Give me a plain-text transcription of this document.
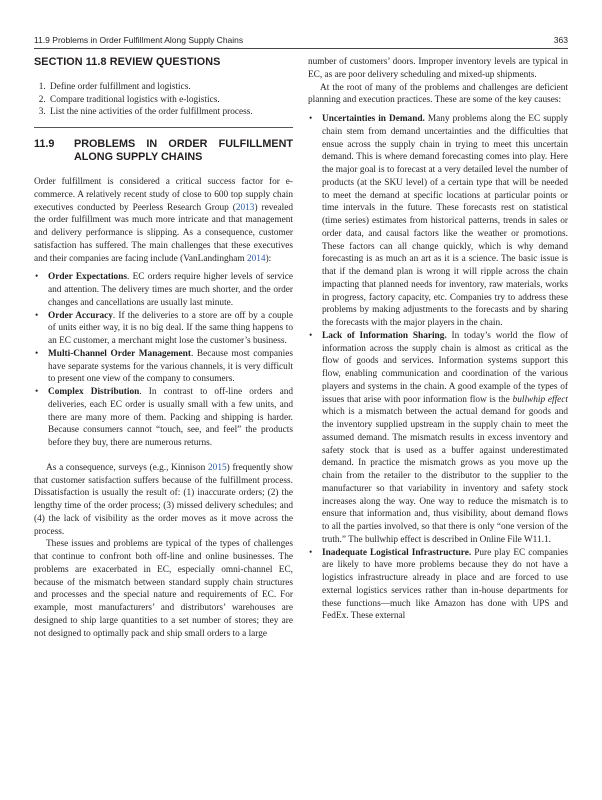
11.9 Problems in Order Fulfillment Along Supply Chains	363
SECTION 11.8 REVIEW QUESTIONS
1. Define order fulfillment and logistics.
2. Compare traditional logistics with e-logistics.
3. List the nine activities of the order fulfillment process.
11.9	PROBLEMS IN ORDER FULFILLMENT ALONG SUPPLY CHAINS

Order fulfillment is considered a critical success factor for e-commerce. A relatively recent study of close to 600 top supply chain executives conducted by Peerless Research Group (2013) revealed the order fulfillment was much more intricate and that management and delivery performance is slipping. As a consequence, customer satisfaction has suffered. The main challenges that these executives and their companies are facing include (VanLandingham 2014):

• Order Expectations. EC orders require higher levels of service and attention. The delivery times are much shorter, and the order changes and cancellations are usually last minute.
• Order Accuracy. If the deliveries to a store are off by a couple of units either way, it is no big deal. If the same thing happens to an EC customer, a merchant might lose the customer’s business.
• Multi-Channel Order Management. Because most companies have separate systems for the various channels, it is very difficult to present one view of the company to consumers.
• Complex Distribution. In contrast to off-line orders and deliveries, each EC order is usually small with a few units, and there are many more of them. Packing and shipping is harder. Because consumers cannot “touch, see, and feel” the products before they buy, there are numerous returns.

As a consequence, surveys (e.g., Kinnison 2015) frequently show that customer satisfaction suffers because of the fulfillment process. Dissatisfaction is usually the result of: (1) inaccurate orders; (2) the lengthy time of the order process; (3) missed delivery schedules; and (4) the lack of visibility as the order moves as it move across the process.

These issues and problems are typical of the types of challenges that continue to confront both off-line and online businesses. The problems are exacerbated in EC, especially omni-channel EC, because of the mismatch between standard supply chain structures and processes and the special nature and requirements of EC. For example, most manufacturers’ and distributors’ warehouses are designed to ship large quantities to a set number of stores; they are not designed to optimally pack and ship small orders to a large

number of customers’ doors. Improper inventory levels are typical in EC, as are poor delivery scheduling and mixed-up shipments.

At the root of many of the problems and challenges are deficient planning and execution practices. These are some of the key causes:

• Uncertainties in Demand. Many problems along the EC supply chain stem from demand uncertainties and the difficulties that ensue across the supply chain in trying to meet this uncertain demand. This is where demand forecasting comes into play. Here the major goal is to forecast at a very detailed level the number of products (at the SKU level) of a certain type that will be needed to meet the demand at specific locations at particular points or time intervals in the future. These forecasts rest on statistical (time series) estimates from historical patterns, trends in sales or order data, and causal factors like the weather or promotions. These factors can all change quickly, which is why demand forecasting is as much an art as it is a science. The basic issue is that if the demand plan is wrong it will ripple across the chain impacting that planned needs for inventory, raw materials, works in progress, factory capacity, etc. Companies try to address these problems by making adjustments to the forecasts and by sharing the forecasts with the major players in the chain.
• Lack of Information Sharing. In today’s world the flow of information across the supply chain is almost as critical as the flow of goods and services. Information systems support this flow, enabling communication and coordination of the various players and systems in the chain. A good example of the types of issues that arise with poor information flow is the bullwhip effect which is a mismatch between the actual demand for goods and the inventory supplied upstream in the supply chain to meet the assumed demand. The mismatch results in excess inventory and safety stock that is used as a buffer against underestimated demand. In practice the mismatch grows as you move up the chain from the retailer to the distributor to the supplier to the manufacturer so that variability in inventory and safety stock increases along the way. One way to reduce the mismatch is to ensure that information and, thus visibility, about demand flows to all the parties involved, so that there is only “one version of the truth.” The bullwhip effect is described in Online File W11.1.
• Inadequate Logistical Infrastructure. Pure play EC companies are likely to have more problems because they do not have a logistics infrastructure already in place and are forced to use external logistics services rather than in-house departments for these functions—much like Amazon has done with UPS and FedEx. These external
